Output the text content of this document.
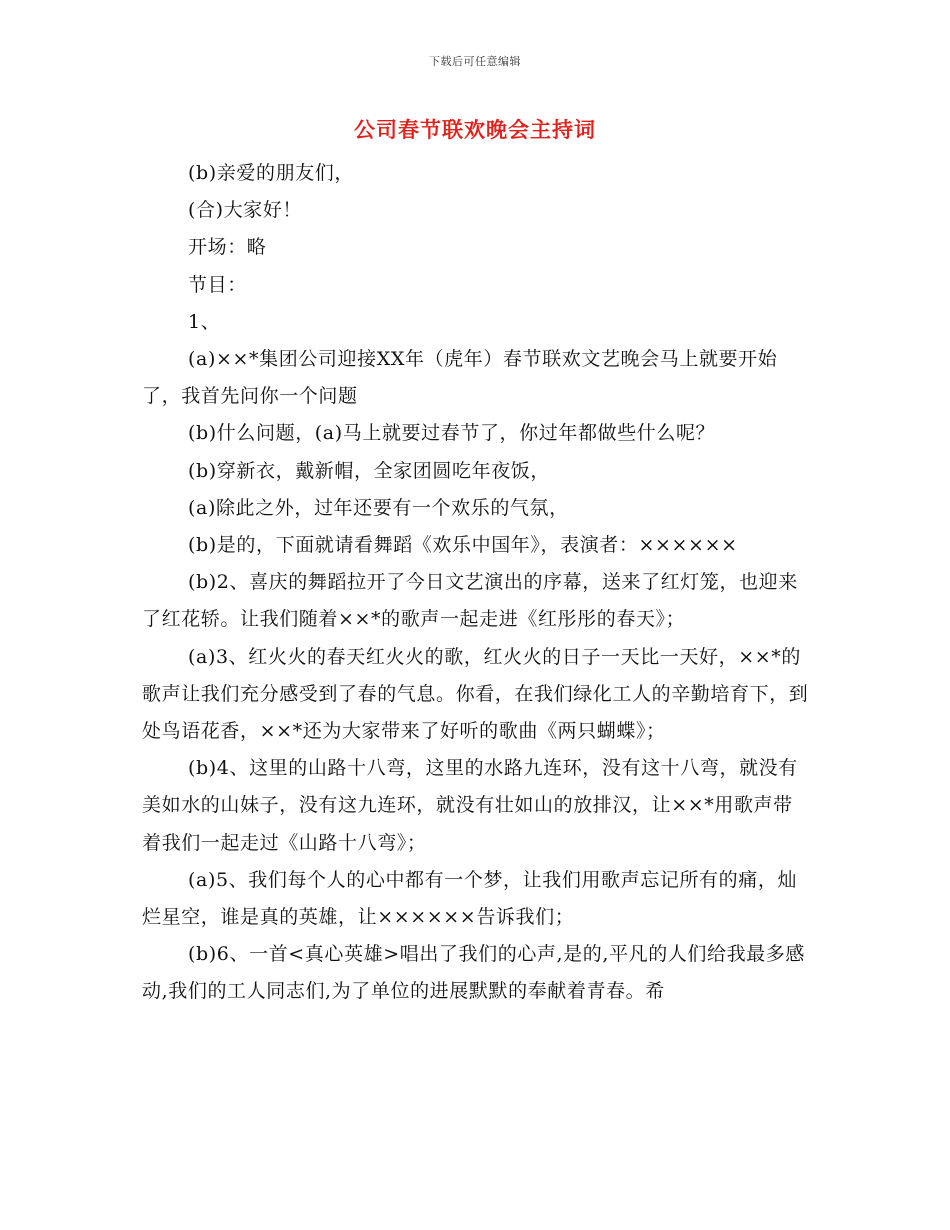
下载后可任意编辑
公司春节联欢晚会主持词

(b)亲爱的朋友们，

(合)大家好！

开场：略

节目：

1、

(a)××*集团公司迎接XX年（虎年）春节联欢文艺晚会马上就要开始了，我首先问你一个问题

(b)什么问题，(a)马上就要过春节了，你过年都做些什么呢？

(b)穿新衣，戴新帽，全家团圆吃年夜饭，

(a)除此之外，过年还要有一个欢乐的气氛，

(b)是的，下面就请看舞蹈《欢乐中国年》，表演者：××××××

(b)2、喜庆的舞蹈拉开了今日文艺演出的序幕，送来了红灯笼，也迎来了红花轿。让我们随着××*的歌声一起走进《红彤彤的春天》；

(a)3、红火火的春天红火火的歌，红火火的日子一天比一天好，××*的歌声让我们充分感受到了春的气息。你看，在我们绿化工人的辛勤培育下，到处鸟语花香，××*还为大家带来了好听的歌曲《两只蝴蝶》；

(b)4、这里的山路十八弯，这里的水路九连环，没有这十八弯，就没有美如水的山妹子，没有这九连环，就没有壮如山的放排汉，让××*用歌声带着我们一起走过《山路十八弯》；

(a)5、我们每个人的心中都有一个梦，让我们用歌声忘记所有的痛，灿烂星空，谁是真的英雄，让××××××告诉我们；

(b)6、一首<真心英雄>唱出了我们的心声,是的,平凡的人们给我最多感动,我们的工人同志们,为了单位的进展默默的奉献着青春。希
